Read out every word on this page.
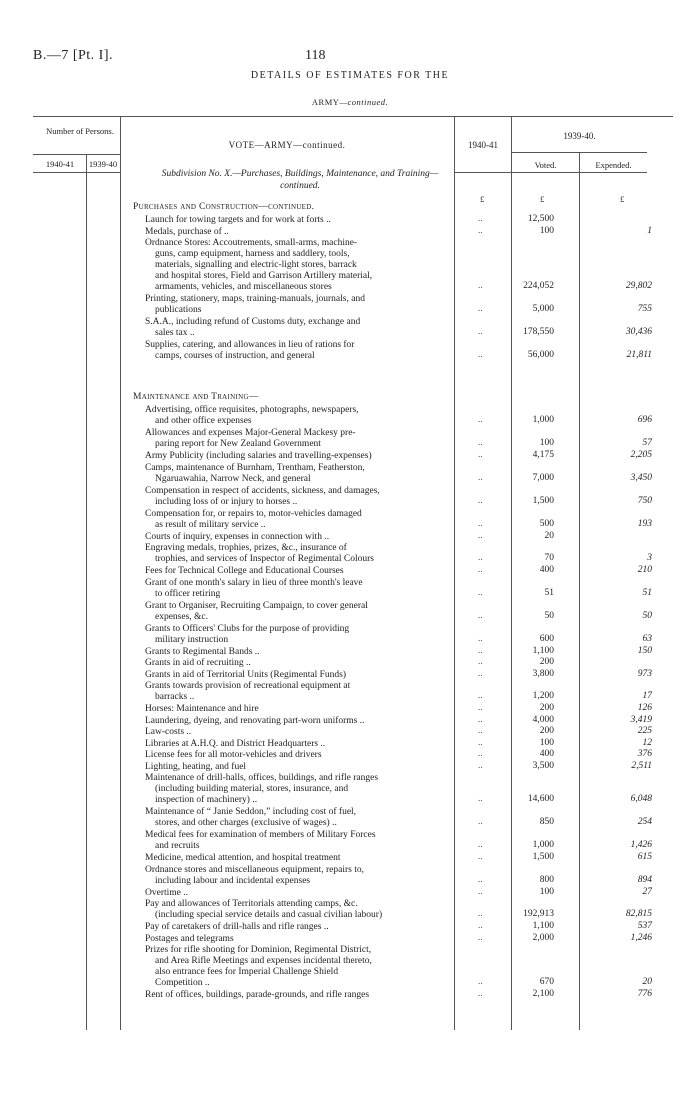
B.—7 [Pt. I].	118
DETAILS OF ESTIMATES FOR THE
ARMY—continued.
Number of Persons.
1940-41	1939-40
VOTE—ARMY—continued.
Subdivision No. X.—Purchases, Buildings, Maintenance, and Training—continued.
1940-41
1939-40.
Voted.	Expended.
£	£	£
Purchases and Construction—continued.
Maintenance and Training—
Launch for towing targets and for work at forts ..	..	12,500
Medals, purchase of ..	..	100	1
Ordnance Stores: Accoutrements, small-arms, machine-
guns, camp equipment, harness and saddlery, tools,
materials, signalling and electric-light stores, barrack
and hospital stores, Field and Garrison Artillery material,
armaments, vehicles, and miscellaneous stores	..	224,052	29,802
Printing, stationery, maps, training-manuals, journals, and
publications	..	5,000	755
S.A.A., including refund of Customs duty, exchange and
sales tax ..	..	178,550	30,436
Supplies, catering, and allowances in lieu of rations for
camps, courses of instruction, and general	..	56,000	21,811
Advertising, office requisites, photographs, newspapers,
and other office expenses	..	1,000	696
Allowances and expenses Major-General Mackesy pre-
paring report for New Zealand Government	..	100	57
Army Publicity (including salaries and travelling-expenses)	..	4,175	2,205
Camps, maintenance of Burnham, Trentham, Featherston,
Ngaruawahia, Narrow Neck, and general	..	7,000	3,450
Compensation in respect of accidents, sickness, and damages,
including loss of or injury to horses ..	..	1,500	750
Compensation for, or repairs to, motor-vehicles damaged
as result of military service ..	..	500	193
Courts of inquiry, expenses in connection with ..	..	20
Engraving medals, trophies, prizes, &c., insurance of
trophies, and services of Inspector of Regimental Colours	..	70	3
Fees for Technical College and Educational Courses	..	400	210
Grant of one month's salary in lieu of three month's leave
to officer retiring	..	51	51
Grant to Organiser, Recruiting Campaign, to cover general
expenses, &c.	..	50	50
Grants to Officers' Clubs for the purpose of providing
military instruction	..	600	63
Grants to Regimental Bands ..	..	1,100	150
Grants in aid of recruiting ..	..	200
Grants in aid of Territorial Units (Regimental Funds)	..	3,800	973
Grants towards provision of recreational equipment at
barracks ..	..	1,200	17
Horses: Maintenance and hire	..	200	126
Laundering, dyeing, and renovating part-worn uniforms ..	..	4,000	3,419
Law-costs ..	..	200	225
Libraries at A.H.Q. and District Headquarters ..	..	100	12
License fees for all motor-vehicles and drivers	..	400	376
Lighting, heating, and fuel	..	3,500	2,511
Maintenance of drill-halls, offices, buildings, and rifle ranges
(including building material, stores, insurance, and
inspection of machinery) ..	..	14,600	6,048
Maintenance of “ Janie Seddon,” including cost of fuel,
stores, and other charges (exclusive of wages) ..	..	850	254
Medical fees for examination of members of Military Forces
and recruits	..	1,000	1,426
Medicine, medical attention, and hospital treatment	..	1,500	615
Ordnance stores and miscellaneous equipment, repairs to,
including labour and incidental expenses	..	800	894
Overtime ..	..	100	27
Pay and allowances of Territorials attending camps, &c.
(including special service details and casual civilian labour)	..	192,913	82,815
Pay of caretakers of drill-halls and rifle ranges ..	..	1,100	537
Postages and telegrams	..	2,000	1,246
Prizes for rifle shooting for Dominion, Regimental District,
and Area Rifle Meetings and expenses incidental thereto,
also entrance fees for Imperial Challenge Shield
Competition ..	..	670	20
Rent of offices, buildings, parade-grounds, and rifle ranges	..	2,100	776
